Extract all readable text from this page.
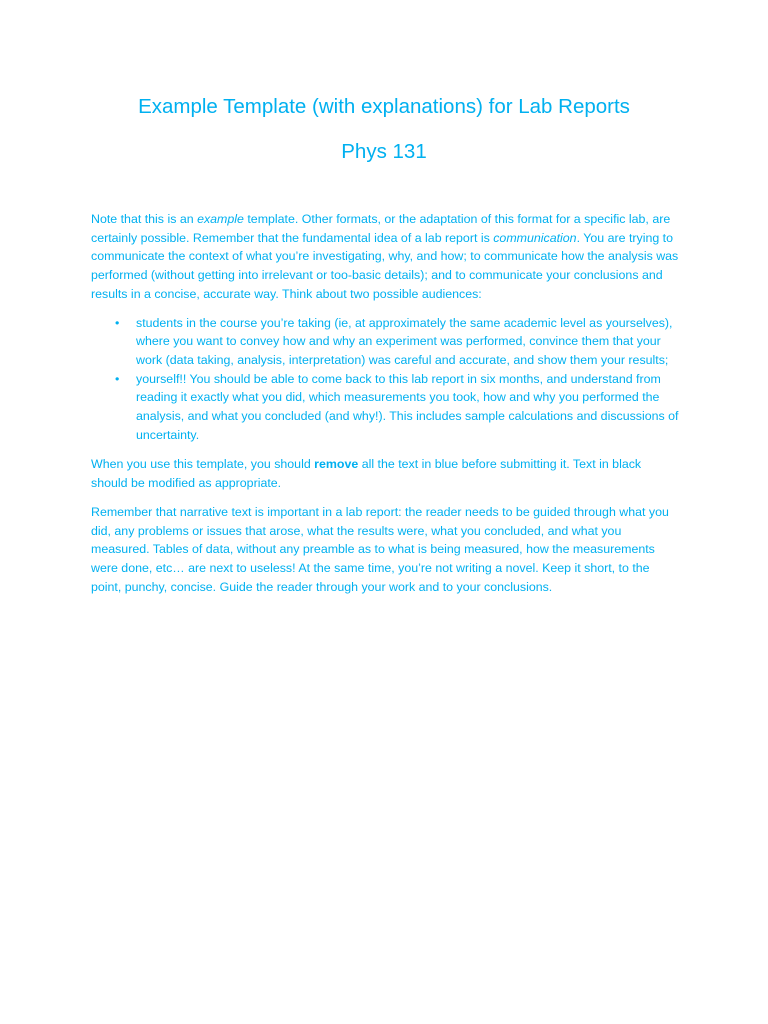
Example Template (with explanations) for Lab Reports
Phys 131

Note that this is an example template. Other formats, or the adaptation of this format for a specific lab, are certainly possible. Remember that the fundamental idea of a lab report is communication. You are trying to communicate the context of what you’re investigating, why, and how; to communicate how the analysis was performed (without getting into irrelevant or too-basic details); and to communicate your conclusions and results in a concise, accurate way. Think about two possible audiences:

• students in the course you’re taking (ie, at approximately the same academic level as yourselves), where you want to convey how and why an experiment was performed, convince them that your work (data taking, analysis, interpretation) was careful and accurate, and show them your results;
• yourself!! You should be able to come back to this lab report in six months, and understand from reading it exactly what you did, which measurements you took, how and why you performed the analysis, and what you concluded (and why!). This includes sample calculations and discussions of uncertainty.

When you use this template, you should remove all the text in blue before submitting it. Text in black should be modified as appropriate.

Remember that narrative text is important in a lab report: the reader needs to be guided through what you did, any problems or issues that arose, what the results were, what you concluded, and what you measured. Tables of data, without any preamble as to what is being measured, how the measurements were done, etc… are next to useless! At the same time, you’re not writing a novel. Keep it short, to the point, punchy, concise. Guide the reader through your work and to your conclusions.
